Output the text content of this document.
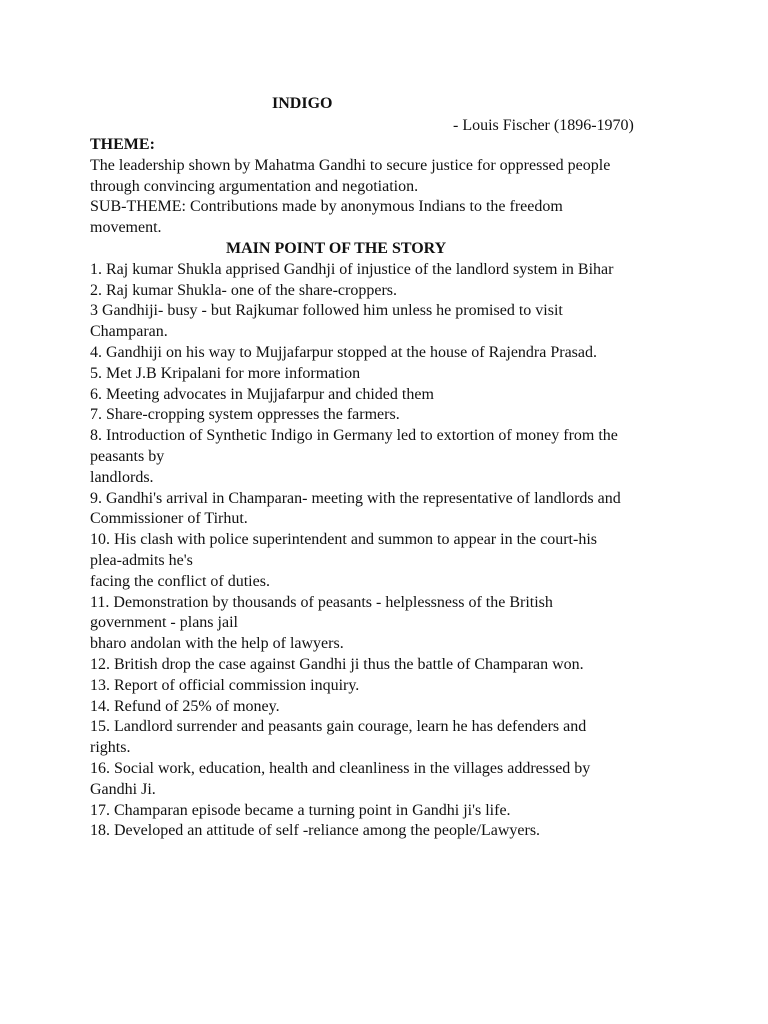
INDIGO
- Louis Fischer (1896-1970)
THEME:
The leadership shown by Mahatma Gandhi to secure justice for oppressed people
through convincing argumentation and negotiation.
SUB-THEME: Contributions made by anonymous Indians to the freedom
movement.
MAIN POINT OF THE STORY
1. Raj kumar Shukla apprised Gandhji of injustice of the landlord system in Bihar
2. Raj kumar Shukla- one of the share-croppers.
3 Gandhiji- busy - but Rajkumar followed him unless he promised to visit
Champaran.
4. Gandhiji on his way to Mujjafarpur stopped at the house of Rajendra Prasad.
5. Met J.B Kripalani for more information
6. Meeting advocates in Mujjafarpur and chided them
7. Share-cropping system oppresses the farmers.
8. Introduction of Synthetic Indigo in Germany led to extortion of money from the
peasants by
landlords.
9. Gandhi's arrival in Champaran- meeting with the representative of landlords and
Commissioner of Tirhut.
10. His clash with police superintendent and summon to appear in the court-his
plea-admits he's
facing the conflict of duties.
11. Demonstration by thousands of peasants - helplessness of the British
government - plans jail
bharo andolan with the help of lawyers.
12. British drop the case against Gandhi ji thus the battle of Champaran won.
13. Report of official commission inquiry.
14. Refund of 25% of money.
15. Landlord surrender and peasants gain courage, learn he has defenders and
rights.
16. Social work, education, health and cleanliness in the villages addressed by
Gandhi Ji.
17. Champaran episode became a turning point in Gandhi ji's life.
18. Developed an attitude of self -reliance among the people/Lawyers.
